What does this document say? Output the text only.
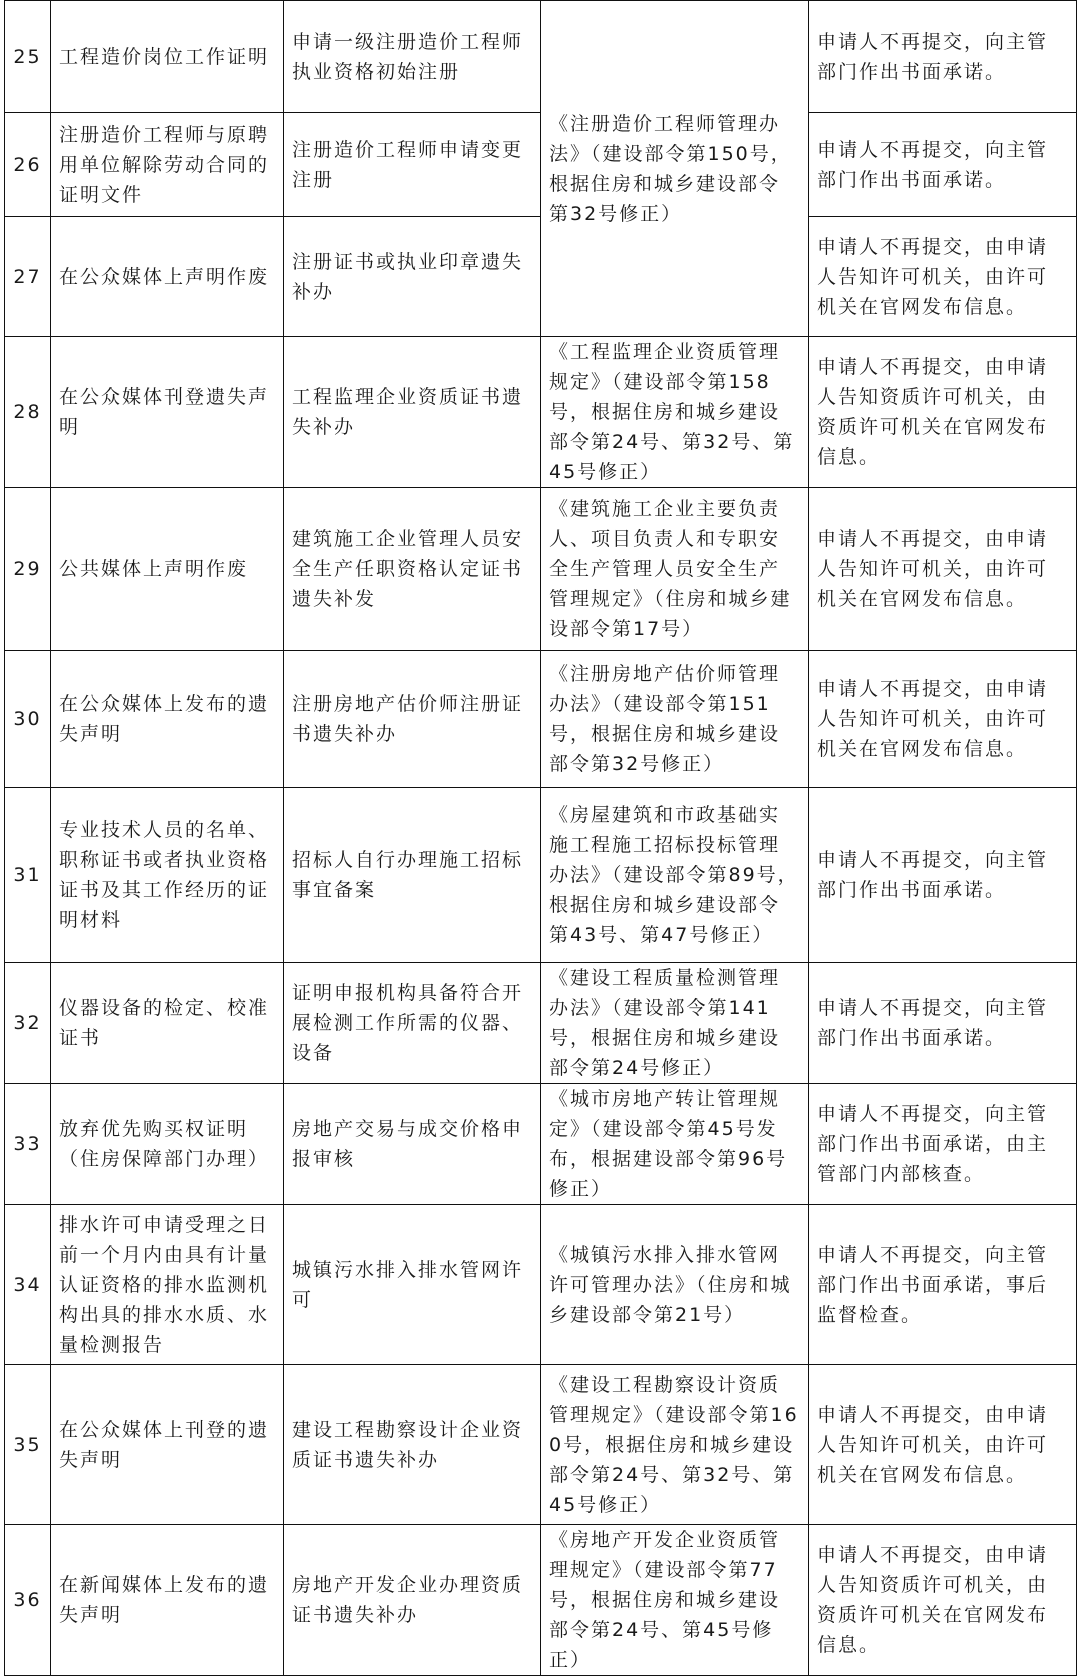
25	工程造价岗位工作证明	申请一级注册造价工程师执业资格初始注册	《注册造价工程师管理办法》（建设部令第150号，根据住房和城乡建设部令第32号修正）	申请人不再提交，向主管部门作出书面承诺。
26	注册造价工程师与原聘用单位解除劳动合同的证明文件	注册造价工程师申请变更注册		申请人不再提交，向主管部门作出书面承诺。
27	在公众媒体上声明作废	注册证书或执业印章遗失补办		申请人不再提交，由申请人告知许可机关，由许可机关在官网发布信息。
28	在公众媒体刊登遗失声明	工程监理企业资质证书遗失补办	《工程监理企业资质管理规定》（建设部令第158号，根据住房和城乡建设部令第24号、第32号、第45号修正）	申请人不再提交，由申请人告知资质许可机关，由资质许可机关在官网发布信息。
29	公共媒体上声明作废	建筑施工企业管理人员安全生产任职资格认定证书遗失补发	《建筑施工企业主要负责人、项目负责人和专职安全生产管理人员安全生产管理规定》（住房和城乡建设部令第17号）	申请人不再提交，由申请人告知许可机关，由许可机关在官网发布信息。
30	在公众媒体上发布的遗失声明	注册房地产估价师注册证书遗失补办	《注册房地产估价师管理办法》（建设部令第151号，根据住房和城乡建设部令第32号修正）	申请人不再提交，由申请人告知许可机关，由许可机关在官网发布信息。
31	专业技术人员的名单、职称证书或者执业资格证书及其工作经历的证明材料	招标人自行办理施工招标事宜备案	《房屋建筑和市政基础实施工程施工招标投标管理办法》（建设部令第89号，根据住房和城乡建设部令第43号、第47号修正）	申请人不再提交，向主管部门作出书面承诺。
32	仪器设备的检定、校准证书	证明申报机构具备符合开展检测工作所需的仪器、设备	《建设工程质量检测管理办法》（建设部令第141号，根据住房和城乡建设部令第24号修正）	申请人不再提交，向主管部门作出书面承诺。
33	放弃优先购买权证明（住房保障部门办理）	房地产交易与成交价格申报审核	《城市房地产转让管理规定》（建设部令第45号发布，根据建设部令第96号修正）	申请人不再提交，向主管部门作出书面承诺，由主管部门内部核查。
34	排水许可申请受理之日前一个月内由具有计量认证资格的排水监测机构出具的排水水质、水量检测报告	城镇污水排入排水管网许可	《城镇污水排入排水管网许可管理办法》（住房和城乡建设部令第21号）	申请人不再提交，向主管部门作出书面承诺，事后监督检查。
35	在公众媒体上刊登的遗失声明	建设工程勘察设计企业资质证书遗失补办	《建设工程勘察设计资质管理规定》（建设部令第160号，根据住房和城乡建设部令第24号、第32号、第45号修正）	申请人不再提交，由申请人告知许可机关，由许可机关在官网发布信息。
36	在新闻媒体上发布的遗失声明	房地产开发企业办理资质证书遗失补办	《房地产开发企业资质管理规定》（建设部令第77号，根据住房和城乡建设部令第24号、第45号修正）	申请人不再提交，由申请人告知资质许可机关，由资质许可机关在官网发布信息。
